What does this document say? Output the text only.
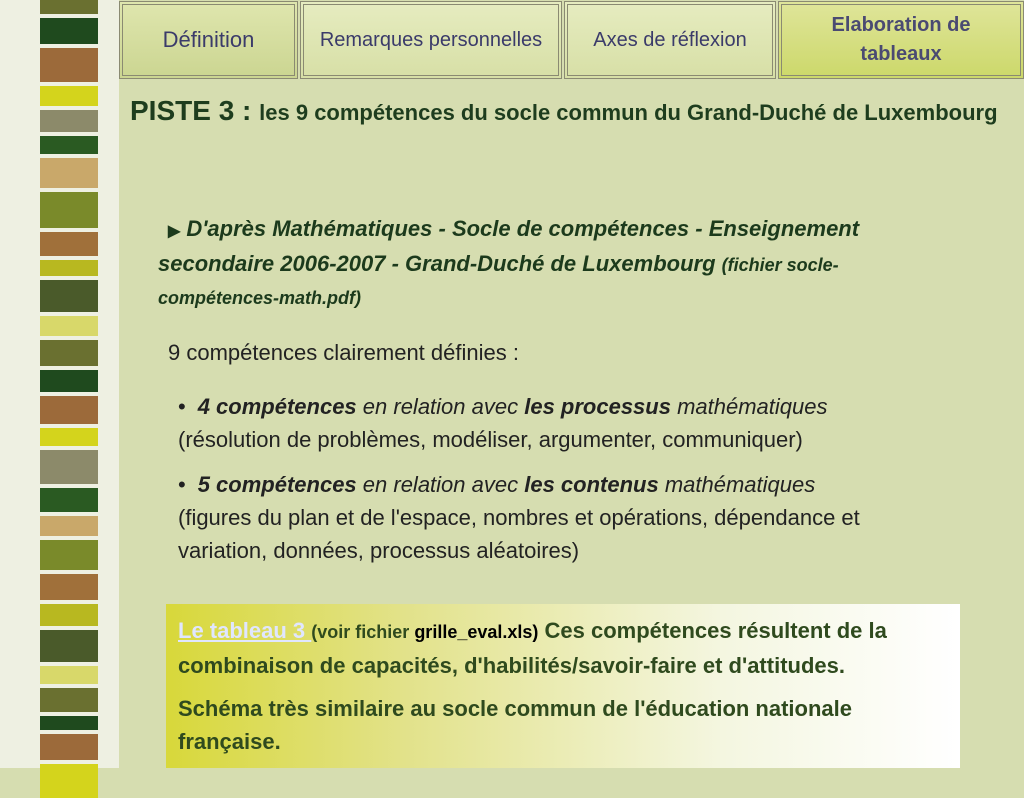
Définition	Remarques personnelles	Axes de réflexion
Elaboration de tableaux
PISTE 3 : les 9 compétences du socle commun du Grand-Duché de Luxembourg
▶ D'après Mathématiques - Socle de compétences - Enseignement secondaire 2006-2007 - Grand-Duché de Luxembourg (fichier socle-compétences-math.pdf)
9 compétences clairement définies :
• 4 compétences en relation avec les processus mathématiques
(résolution de problèmes, modéliser, argumenter, communiquer)
• 5 compétences en relation avec les contenus mathématiques
(figures du plan et de l'espace, nombres et opérations, dépendance et variation, données, processus aléatoires)

Le tableau 3 (voir fichier grille_eval.xls) Ces compétences résultent de la combinaison de capacités, d'habilités/savoir-faire et d'attitudes.

Schéma très similaire au socle commun de l'éducation nationale française.
